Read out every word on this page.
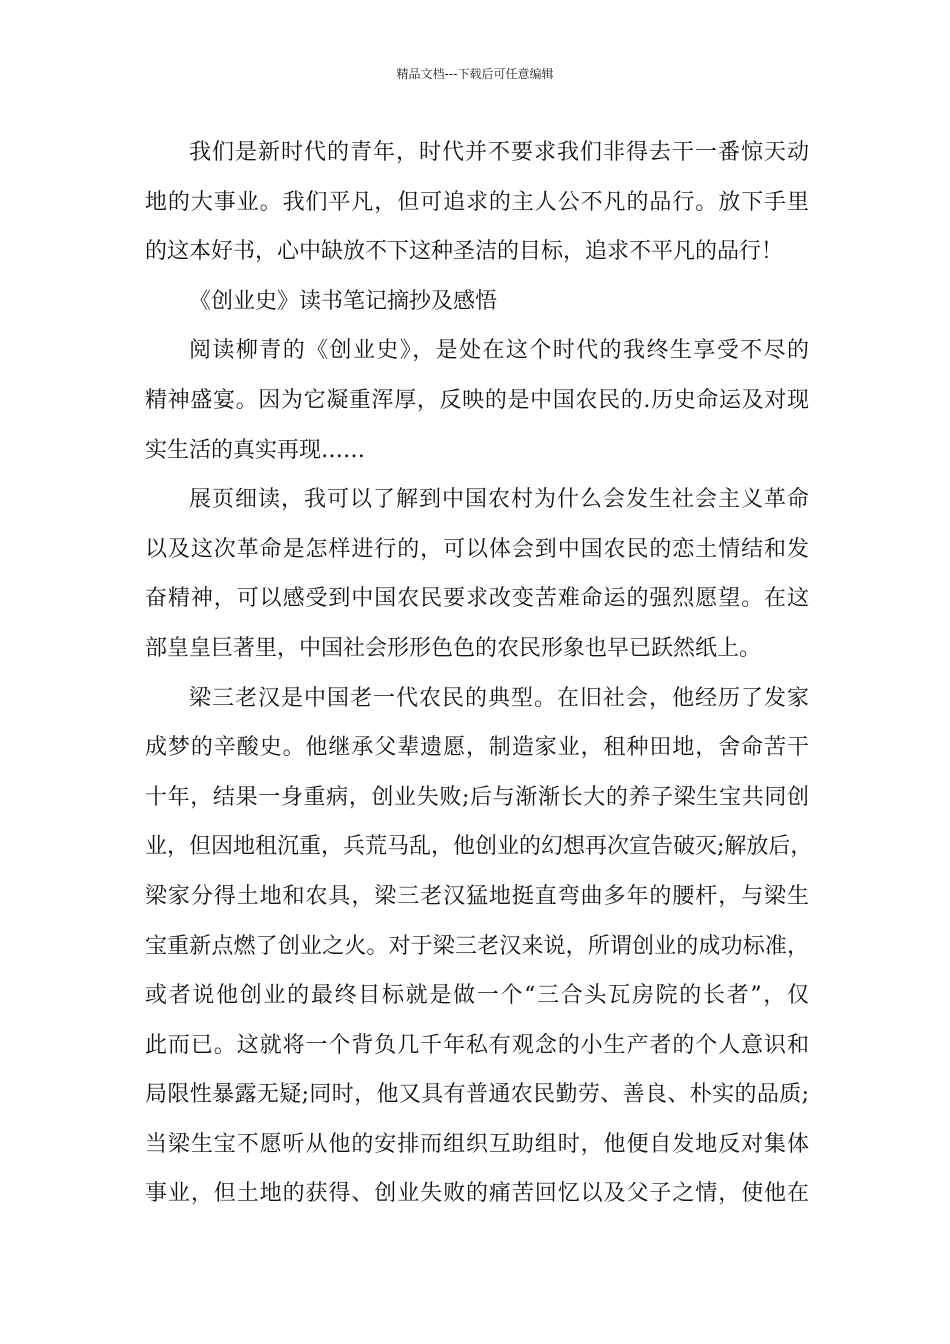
精品文档---下载后可任意编辑
我们是新时代的青年，时代并不要求我们非得去干一番惊天动
地的大事业。我们平凡，但可追求的主人公不凡的品行。放下手里
的这本好书，心中缺放不下这种圣洁的目标，追求不平凡的品行！
《创业史》读书笔记摘抄及感悟
阅读柳青的《创业史》，是处在这个时代的我终生享受不尽的
精神盛宴。因为它凝重浑厚，反映的是中国农民的.历史命运及对现
实生活的真实再现……
展页细读，我可以了解到中国农村为什么会发生社会主义革命
以及这次革命是怎样进行的，可以体会到中国农民的恋土情结和发
奋精神，可以感受到中国农民要求改变苦难命运的强烈愿望。在这
部皇皇巨著里，中国社会形形色色的农民形象也早已跃然纸上。
梁三老汉是中国老一代农民的典型。在旧社会，他经历了发家
成梦的辛酸史。他继承父辈遗愿，制造家业，租种田地，舍命苦干
十年，结果一身重病，创业失败;后与渐渐长大的养子梁生宝共同创
业，但因地租沉重，兵荒马乱，他创业的幻想再次宣告破灭;解放后，
梁家分得土地和农具，梁三老汉猛地挺直弯曲多年的腰杆，与梁生
宝重新点燃了创业之火。对于梁三老汉来说，所谓创业的成功标准，
或者说他创业的最终目标就是做一个“三合头瓦房院的长者”，仅
此而已。这就将一个背负几千年私有观念的小生产者的个人意识和
局限性暴露无疑;同时，他又具有普通农民勤劳、善良、朴实的品质;
当梁生宝不愿听从他的安排而组织互助组时，他便自发地反对集体
事业，但土地的获得、创业失败的痛苦回忆以及父子之情，使他在
